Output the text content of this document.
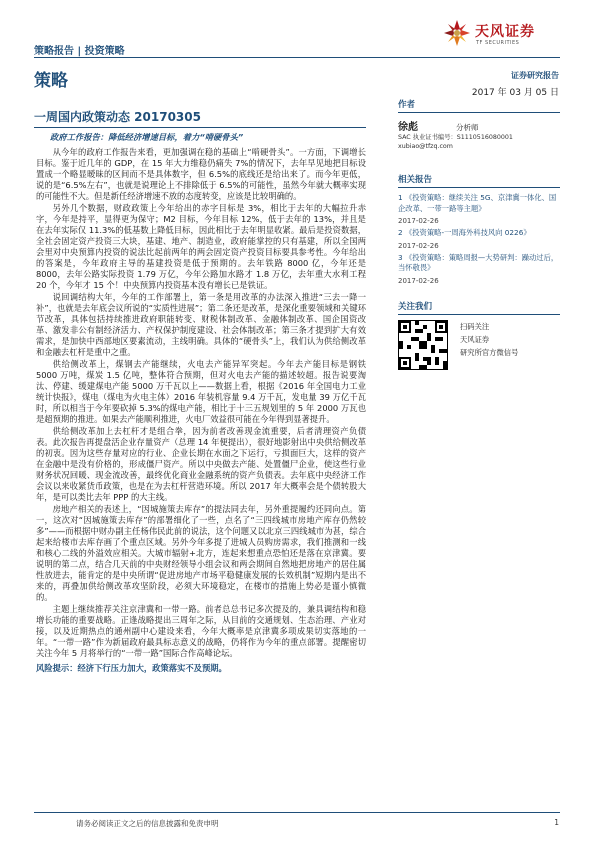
天风证券
TF SECURITIES
策略报告 | 投资策略
策略	证券研究报告
2017 年 03 月 05 日
一周国内政策动态 20170305
政府工作报告：降低经济增速目标，着力“啃硬骨头”

从今年的政府工作报告来看，更加强调在稳的基础上“啃硬骨头”。一方面，下调增长目标。鉴于近几年的 GDP，在 15 年大力维稳仍痛失 7%的情况下，去年早见地把目标设置成一个略显暧昧的区间而不是具体数字，但 6.5%的底线还是给出来了。而今年更低，说的是“6.5%左右”，也就是说理论上不排除低于 6.5%的可能性，虽然今年就大概率实现的可能性不大。但是新任经济增速不放的态度转变，应该是比较明确的。

另外几个数据，财政政策上今年给出的赤字目标是 3%，相比于去年的大幅拉升赤字，今年是持平，显得更为保守；M2 目标，今年目标 12%，低于去年的 13%，并且是在去年实际仅 11.3%的低基数上降低目标，因此相比于去年明显收紧。最后是投资数据，全社会固定资产投资三大块，基建、地产、制造业，政府能掌控的只有基建，所以全国两会里对中央预算内投资的说法比起前两年的两会固定资产投资目标要具参考性。今年给出的答案是，今年政府主导的基建投资是低于预期的。去年铁路 8000 亿，今年还是 8000，去年公路实际投资 1.79 万亿，今年公路加水路才 1.8 万亿，去年重大水利工程 20 个，今年才 15 个！中央预算内投资基本没有增长已是铁证。

说回调结构大年，今年的工作部署上，第一条是用改革的办法深入推进“三去一降一补”，也就是去年底会议所说的“实质性进展”；第二条还是改革，是深化重要领域和关键环节改革，具体包括持续推进政府职能转变、财税体制改革、金融体制改革、国企国资改革、激发非公有制经济活力、产权保护制度建设、社会体制改革；第三条才提到扩大有效需求，是加快中西部地区要素流动，主线明确。具体的“硬骨头”上，我们认为供给侧改革和金融去杠杆是重中之重。

供给侧改革上，煤钢去产能继续，火电去产能异军突起。今年去产能目标是钢铁 5000 万吨，煤炭 1.5 亿吨，整体符合预期，但对火电去产能的描述较超。报告说要淘汰、停建、缓建煤电产能 5000 万千瓦以上——数据上看，根据《2016 年全国电力工业统计快报》，煤电（煤电为火电主体）2016 年装机容量 9.4 万千瓦，发电量 39 万亿千瓦时，所以相当于今年要砍掉 5.3%的煤电产能，相比于十三五规划里的 5 年 2000 万瓦也是超预期的推进。如果去产能顺利推进，火电厂效益很可能在今年得到显著提升。

供给侧改革加上去杠杆才是组合拳，因为前者改善现金流重要，后者清理资产负债表。此次报告再提盘活企业存量资产（总理 14 年便提出），很好地影射出中央供给侧改革的初衷。因为这些存量对应的行业、企业长期在水面之下运行，亏损面巨大，这样的资产在金融中是没有价格的，形成僵尸资产。所以中央做去产能、处置僵尸企业，使这些行业财务状况回暖、现金流改善，最终优化商业金融系统的资产负债表。去年底中央经济工作会议以来收紧货币政策，也是在为去杠杆营造环境。所以 2017 年大概率会是个债转股大年，是可以类比去年 PPP 的大主线。

房地产相关的表述上，“因城施策去库存”的提法同去年，另外重提履约还同向点。第一，这次对“因城施策去库存”的部署细化了一些，点名了“三四线城市房地产库存仍然较多”——而根据中财办副主任杨伟民此前的说法，这个问题又以北京三四线城市为甚，综合起来给楼市去库存画了个重点区域。另外今年多提了进城人员购房需求，我们推测和一线和核心二线的外溢效应相关。大城市辐射+北方，连起来想重点恐怕还是落在京津冀。要说明的第二点，结合几天前的中央财经领导小组会议和两会期间自然地把房地产的居住属性放进去，能肯定的是中央所谓“促进房地产市场平稳健康发展的长效机制”短期内是出不来的，再叠加供给侧改革攻坚阶段，必须大环境稳定，在楼市的措施上势必是谨小慎微的。

主题上继续推荐关注京津冀和一带一路。前者总总书记多次提及的，兼具调结构和稳增长功能的重要战略。正逢战略提出三周年之际，从目前的交通规划、生态治理、产业对接，以及近期热点的通州副中心建设来看，今年大概率是京津冀多项成果切实落地的一年。“一带一路”作为新届政府最具标志意义的战略，仍将作为今年的重点部署。提醒密切关注今年 5 月将举行的“一带一路”国际合作高峰论坛。

风险提示：经济下行压力加大，政策落实不及预期。
作者
徐彪	分析师
SAC 执业证书编号：S1110516080001
xubiao@tfzq.com
相关报告
1 《投资策略：继续关注 5G、京津冀一体化、国企改革、一带一路等主题》
2017-02-26
2 《投资策略-一周海外科技风向 0226》
2017-02-26
3 《投资策略：策略周报—大势研判：躁动过后，当怀敬畏》
2017-02-26
关注我们
扫码关注
天风证券
研究所官方微信号
请务必阅读正文之后的信息披露和免责申明	1
